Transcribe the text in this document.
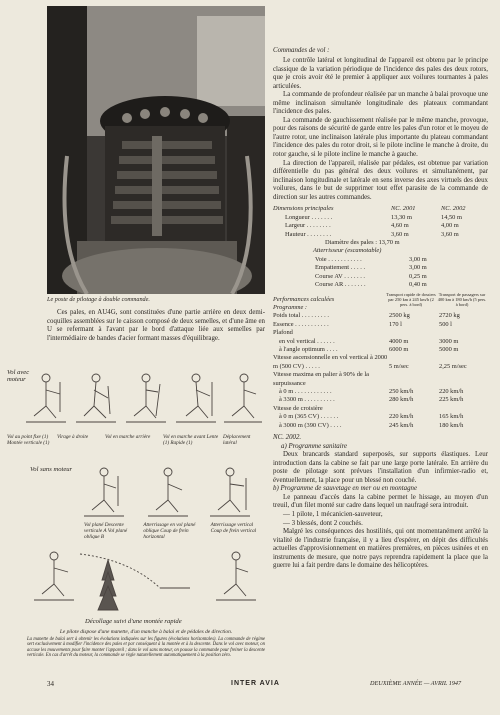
Le poste de pilotage à double commande.

Ces pales, en AU4G, sont constituées d'une partie arrière en deux demi-coquilles assemblées sur le caisson composé de deux semelles, et d'une âme en U se refermant à l'avant par le bord d'attaque liée aux semelles par l'intermédiaire de bandes d'acier formant masses d'équilibrage.

Vol avec moteur
Vol au point fixe (1) Montée verticale (1)
Virage à droite	Vol en marche arrière	Vol en marche avant Lente (1) Rapide (1)
Déplacement latéral
Vol sans moteur
Vol plané Descente verticale A Vol plané oblique B
Atterrissage en vol plané oblique Coup de frein horizontal
Atterrissage vertical Coup de frein vertical
Décollage suivi d'une montée rapide
Le pilote dispose d'une manette, d'un manche à balai et de pédales de direction.
La manette de balai sert à obtenir les évolutions indiquées sur les figures (évolutions horizontales). La commande de régime sert exclusivement à modifier l'incidence des pales et par conséquent à la montée et à la descente. Dans le vol avec moteur, on accuse les mouvements pour faire monter l'appareil ; dans le vol sans moteur, on pousse la commande pour freiner la descente verticale. En cas d'arrêt du moteur, la commande se règle naturellement automatiquement à la position zéro.
Commandes de vol :

Le contrôle latéral et longitudinal de l'appareil est obtenu par le principe classique de la variation périodique de l'incidence des pales des deux rotors, que je crois avoir été le premier à appliquer aux voilures tournantes à pales articulées.

La commande de profondeur réalisée par un manche à balai provoque une même inclinaison simultanée longitudinale des plateaux commandant l'incidence des pales.

La commande de gauchissement réalisée par le même manche, provoque, pour des raisons de sécurité de garde entre les pales d'un rotor et le moyeu de l'autre rotor, une inclinaison latérale plus importante du plateau commandant l'incidence des pales du rotor droit, si le pilote incline le manche à droite, du rotor gauche, si le pilote incline le manche à gauche.

La direction de l'appareil, réalisée par pédales, est obtenue par variation différentielle du pas général des deux voilures et simultanément, par inclinaison longitudinale et latérale en sens inverse des axes virtuels des deux voilures, dans le but de supprimer tout effet parasite de la commande de direction sur les autres commandes.

Dimensions principales	NC. 2001	NC. 2002
Longueur . . . . . . .	13,30 m	14,50 m
Largeur . . . . . . . .	4,60 m	4,00 m
Hauteur . . . . . . . .	3,60 m	3,60 m
Diamètre des pales : 13,70 m
Atterrisseur (escamotable)
Voie . . . . . . . . . . .	3,00 m
Empattement . . . . .	3,00 m
Course AV . . . . . . .	0,25 m
Course AR . . . . . . .	0,40 m
Performances calculées
Programme :
Transport rapide de dossiers par 250 km à 245 km/h (2 pers. à bord)
Transport de passagers sur 400 km à 180 km/h (5 pers. à bord)
Poids total . . . . . . . . .	2500 kg	2720 kg
Essence . . . . . . . . . . .	170 l	500 l
Plafond
en vol vertical . . . . . .	4000 m	3000 m
à l'angle optimum . . . .	6000 m	5000 m
Vitesse ascensionnelle en vol vertical à 2000 m (500 CV) . . . . .	5 m/sec	2,25 m/sec
Vitesse maxima en palier à 90% de la surpuissance
à 0 m . . . . . . . . . . . .	250 km/h	220 km/h
à 3300 m . . . . . . . . . .	280 km/h	225 km/h
Vitesse de croisière
à 0 m (365 CV) . . . . . .	220 km/h	165 km/h
à 3000 m (390 CV) . . . .	245 km/h	180 km/h
NC. 2002.
a) Programme sanitaire

Deux brancards standard superposés, sur supports élastiques. Leur introduction dans la cabine se fait par une large porte latérale. En arrière du poste de pilotage sont prévues l'installation d'un infirmier-radio et, éventuellement, la place pour un blessé non couché.

b) Programme de sauvetage en mer ou en montagne

Le panneau d'accès dans la cabine permet le hissage, au moyen d'un treuil, d'un filet monté sur cadre dans lequel un naufragé sera introduit.

— 1 pilote, 1 mécanicien-sauveteur,
— 3 blessés, dont 2 couchés.

Malgré les conséquences des hostilités, qui ont momentanément arrêté la vitalité de l'industrie française, il y a lieu d'espérer, en dépit des difficultés actuelles d'approvisionnement en matières premières, en pièces usinées et en instruments de mesure, que notre pays reprendra rapidement la place que la guerre lui a fait perdre dans le domaine des hélicoptères.

34	INTER AVIA	DEUXIÈME ANNÉE — AVRIL 1947
